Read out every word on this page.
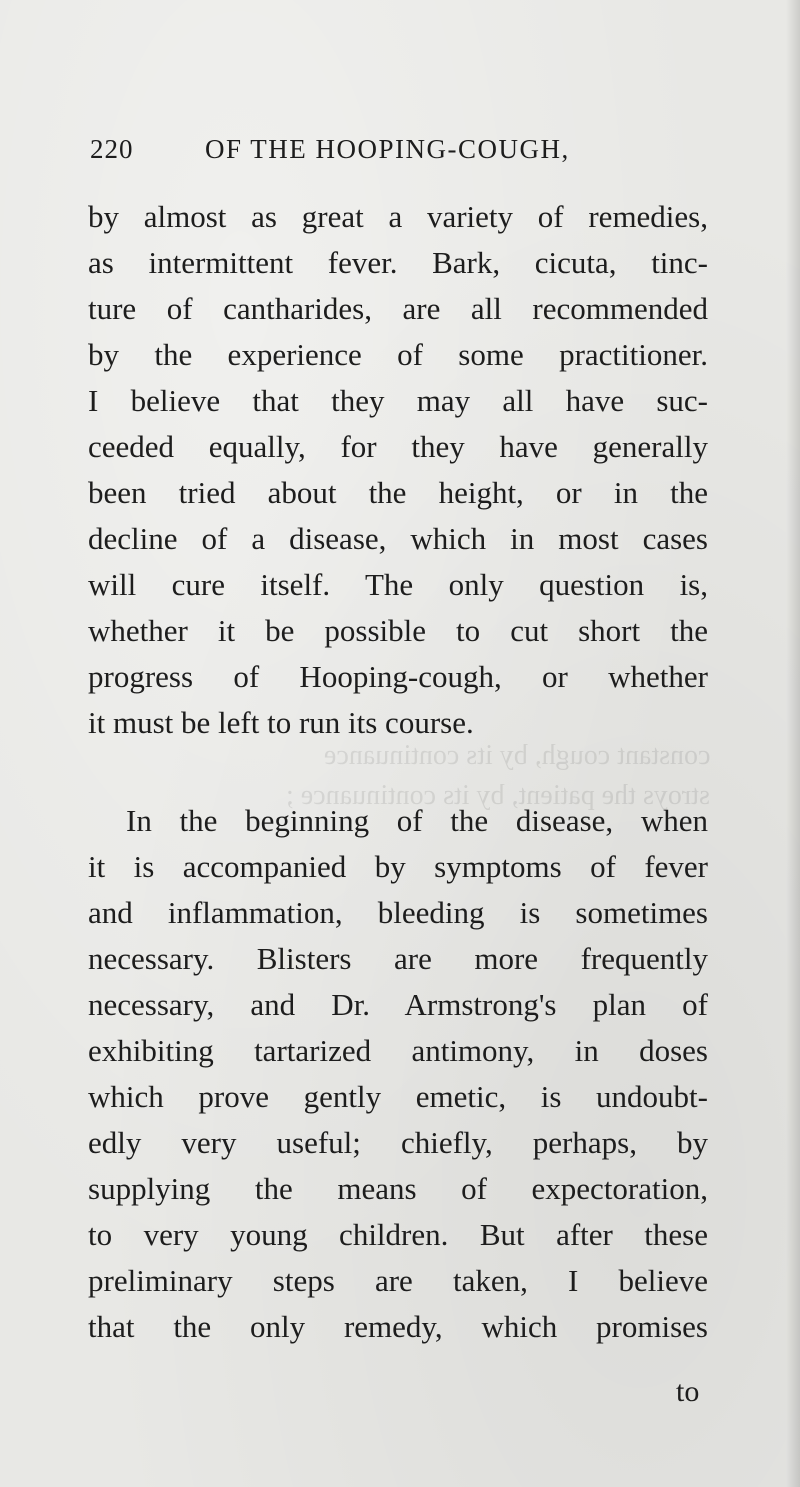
constant cough, by its continuance
stroys the patient, by its continuance ;
220	OF THE HOOPING-COUGH,
by almost as great a variety of remedies,
as intermittent fever. Bark, cicuta, tinc-
ture of cantharides, are all recommended
by the experience of some practitioner.
I believe that they may all have suc-
ceeded equally, for they have generally
been tried about the height, or in the
decline of a disease, which in most cases
will cure itself. The only question is,
whether it be possible to cut short the
progress of Hooping-cough, or whether
it must be left to run its course.
In the beginning of the disease, when
it is accompanied by symptoms of fever
and inflammation, bleeding is sometimes
necessary. Blisters are more frequently
necessary, and Dr. Armstrong's plan of
exhibiting tartarized antimony, in doses
which prove gently emetic, is undoubt-
edly very useful; chiefly, perhaps, by
supplying the means of expectoration,
to very young children. But after these
preliminary steps are taken, I believe
that the only remedy, which promises
to
